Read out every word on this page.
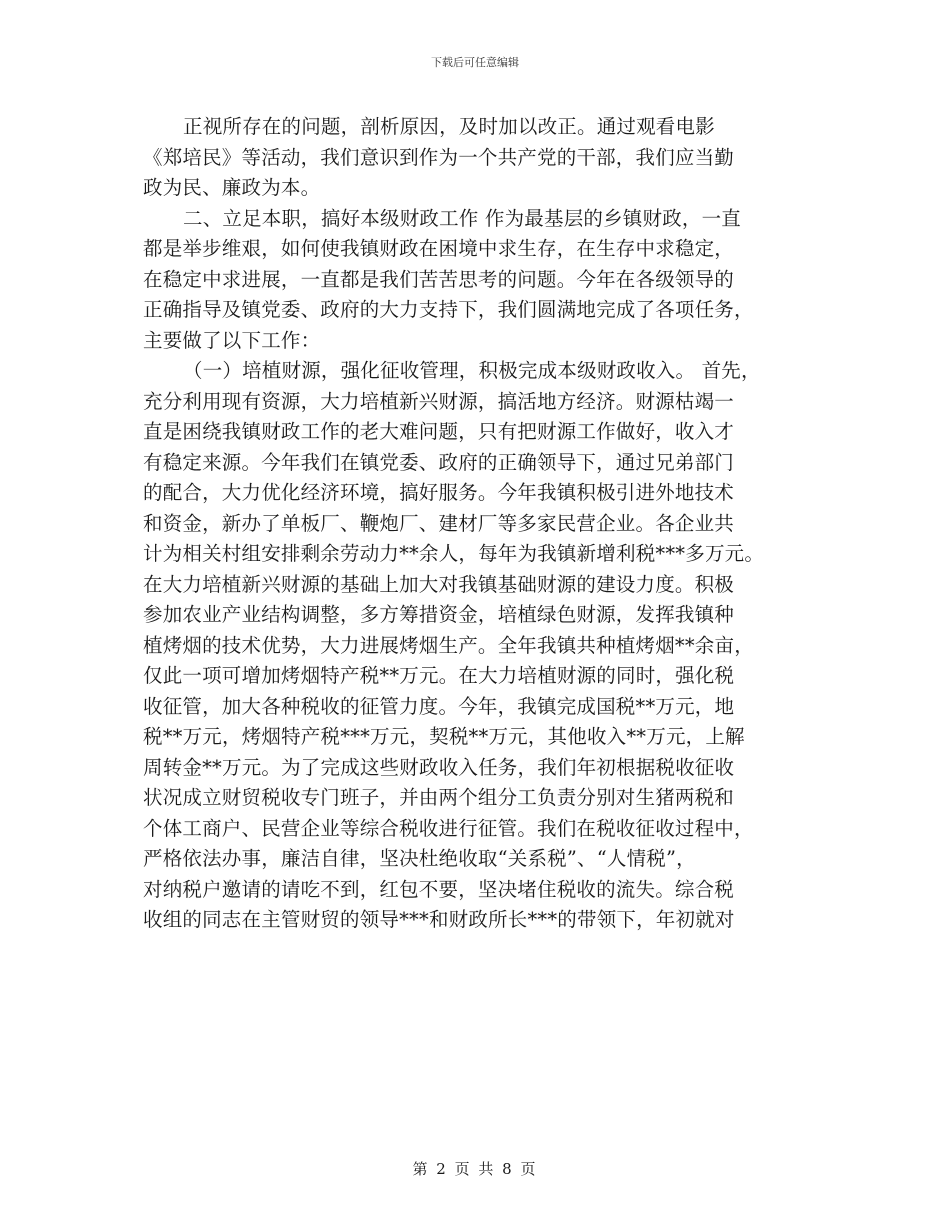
下载后可任意编辑
正视所存在的问题，剖析原因，及时加以改正。通过观看电影
《郑培民》等活动，我们意识到作为一个共产党的干部，我们应当勤
政为民、廉政为本。
二、立足本职，搞好本级财政工作 作为最基层的乡镇财政，一直
都是举步维艰，如何使我镇财政在困境中求生存，在生存中求稳定，
在稳定中求进展，一直都是我们苦苦思考的问题。今年在各级领导的
正确指导及镇党委、政府的大力支持下，我们圆满地完成了各项任务，
主要做了以下工作：
（一）培植财源，强化征收管理，积极完成本级财政收入。 首先，
充分利用现有资源，大力培植新兴财源，搞活地方经济。财源枯竭一
直是困绕我镇财政工作的老大难问题，只有把财源工作做好，收入才
有稳定来源。今年我们在镇党委、政府的正确领导下，通过兄弟部门
的配合，大力优化经济环境，搞好服务。今年我镇积极引进外地技术
和资金，新办了单板厂、鞭炮厂、建材厂等多家民营企业。各企业共
计为相关村组安排剩余劳动力**余人，每年为我镇新增利税***多万元。
在大力培植新兴财源的基础上加大对我镇基础财源的建设力度。积极
参加农业产业结构调整，多方筹措资金，培植绿色财源，发挥我镇种
植烤烟的技术优势，大力进展烤烟生产。全年我镇共种植烤烟**余亩，
仅此一项可增加烤烟特产税**万元。在大力培植财源的同时，强化税
收征管，加大各种税收的征管力度。今年，我镇完成国税**万元，地
税**万元，烤烟特产税***万元，契税**万元，其他收入**万元，上解
周转金**万元。为了完成这些财政收入任务，我们年初根据税收征收
状况成立财贸税收专门班子，并由两个组分工负责分别对生猪两税和
个体工商户、民营企业等综合税收进行征管。我们在税收征收过程中，
严格依法办事，廉洁自律，坚决杜绝收取“关系税”、“人情税”，
对纳税户邀请的请吃不到，红包不要，坚决堵住税收的流失。综合税
收组的同志在主管财贸的领导***和财政所长***的带领下，年初就对
第 2 页 共 8 页
